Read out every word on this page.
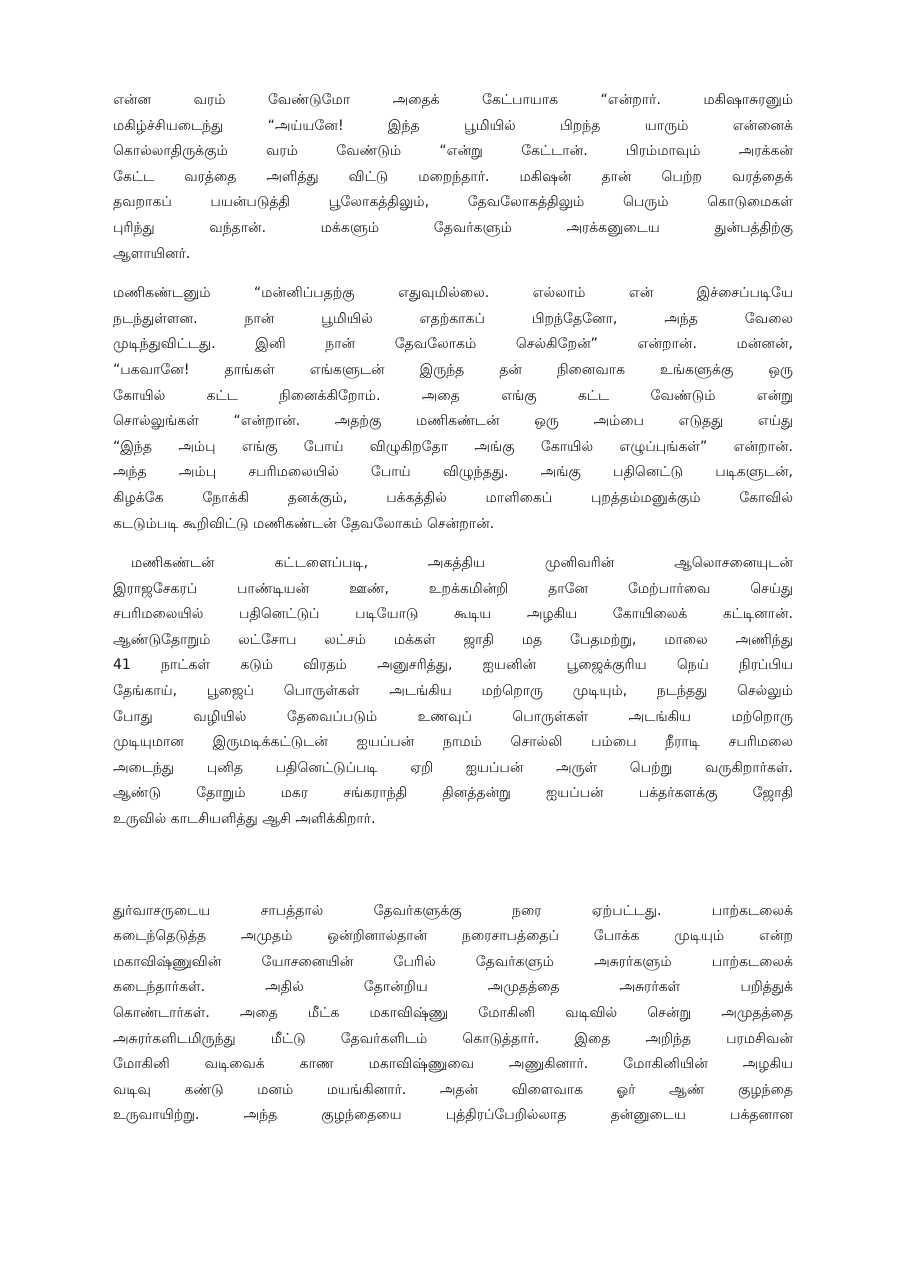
என்ன வரம் வேண்டுமோ அதைக் கேட்பாயாக “என்றார். மகிஷாசுரனும்
மகிழ்ச்சியடைந்து “அய்யனே! இந்த பூமியில் பிறந்த யாரும் என்னைக்
கொல்லாதிருக்கும் வரம் வேண்டும் “என்று கேட்டான். பிரம்மாவும் அரக்கன்
கேட்ட வரத்தை அளித்து விட்டு மறைந்தார். மகிஷன் தான் பெற்ற வரத்தைக்
தவறாகப் பயன்படுத்தி பூலோகத்திலும், தேவலோகத்திலும் பெரும் கொடுமைகள்
புரிந்து வந்தான். மக்களும் தேவர்களும் அரக்கனுடைய துன்பத்திற்கு
ஆளாயினர்.
மணிகண்டனும் “மன்னிப்பதற்கு எதுவுமில்லை. எல்லாம் என் இச்சைப்படியே
நடந்துள்ளன. நான் பூமியில் எதற்காகப் பிறந்தேனோ, அந்த வேலை
முடிந்துவிட்டது. இனி நான் தேவலோகம் செல்கிறேன்” என்றான். மன்னன்,
“பகவானே! தாங்கள் எங்களுடன் இருந்த தன் நினைவாக உங்களுக்கு ஒரு
கோயில் கட்ட நினைக்கிறோம். அதை எங்கு கட்ட வேண்டும் என்று
சொல்லுங்கள் “என்றான். அதற்கு மணிகண்டன் ஒரு அம்பை எடுதது எய்து
“இந்த அம்பு எங்கு போய் விழுகிறதோ அங்கு கோயில் எழுப்புங்கள்” என்றான்.
அந்த அம்பு சபரிமலையில் போய் விழுந்தது. அங்கு பதினெட்டு படிகளுடன்,
கிழக்கே நோக்கி தனக்கும், பக்கத்தில் மாளிகைப் புறத்தம்மனுக்கும் கோவில்
கடடும்படி கூறிவிட்டு மணிகண்டன் தேவலோகம் சென்றான்.
மணிகண்டன் கட்டளைப்படி, அகத்திய முனிவரின் ஆலொசனையுடன்
இராஜசேகரப் பாண்டியன் ஊண், உறக்கமின்றி தானே மேற்பார்வை செய்து
சபரிமலையில் பதினெட்டுப் படியோடு கூடிய அழகிய கோயிலைக் கட்டினான்.
ஆண்டுதோறும் லட்சோப லட்சம் மக்கள் ஜாதி மத பேதமற்று, மாலை அணிந்து
41 நாட்கள் கடும் விரதம் அனுசரித்து, ஐயனின் பூஜைக்குரிய நெய் நிரப்பிய
தேங்காய், பூஜைப் பொருள்கள் அடங்கிய மற்றொரு முடியும், நடந்தது செல்லும்
போது வழியில் தேவைப்படும் உணவுப் பொருள்கள் அடங்கிய மற்றொரு
முடியுமான இருமடிக்கட்டுடன் ஐயப்பன் நாமம் சொல்லி பம்பை நீராடி சபரிமலை
அடைந்து புனித பதினெட்டுப்படி ஏறி ஐயப்பன் அருள் பெற்று வருகிறார்கள்.
ஆண்டு தோறும் மகர சங்கராந்தி தினத்தன்று ஐயப்பன் பக்தர்களக்கு ஜோதி
உருவில் காடசியளித்து ஆசி அளிக்கிறார்.
துர்வாசருடைய சாபத்தால் தேவர்களுக்கு நரை ஏற்பட்டது. பாற்கடலைக்
கடைந்தெடுத்த அமுதம் ஒன்றினால்தான் நரைசாபத்தைப் போக்க முடியும் என்ற
மகாவிஷ்ணுவின் யோசனையின் பேரில் தேவர்களும் அசுரர்களும் பாற்கடலைக்
கடைந்தார்கள். அதில் தோன்றிய அமுதத்தை அசுரர்கள் பறித்துக்
கொண்டார்கள். அதை மீட்க மகாவிஷ்ணு மோகினி வடிவில் சென்று அமுதத்தை
அசுரர்களிடமிருந்து மீட்டு தேவர்களிடம் கொடுத்தார். இதை அறிந்த பரமசிவன்
மோகினி வடிவைக் காண மகாவிஷ்ணுவை அணுகினார். மோகினியின் அழகிய
வடிவு கண்டு மனம் மயங்கினார். அதன் விளைவாக ஓர் ஆண் குழந்தை
உருவாயிற்று. அந்த குழந்தையை புத்திரப்பேறில்லாத தன்னுடைய பக்தனான
